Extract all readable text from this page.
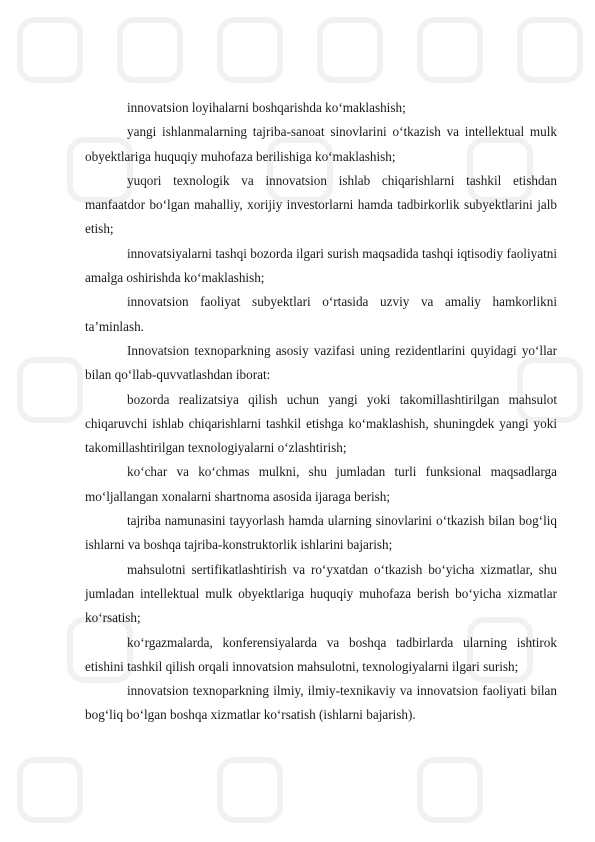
innovatsion loyihalarni boshqarishda ko‘maklashish;

yangi ishlanmalarning tajriba-sanoat sinovlarini o‘tkazish va intellektual mulk obyektlariga huquqiy muhofaza berilishiga ko‘maklashish;

yuqori texnologik va innovatsion ishlab chiqarishlarni tashkil etishdan manfaatdor bo‘lgan mahalliy, xorijiy investorlarni hamda tadbirkorlik subyektlarini jalb etish;

innovatsiyalarni tashqi bozorda ilgari surish maqsadida tashqi iqtisodiy faoliyatni amalga oshirishda ko‘maklashish;

innovatsion faoliyat subyektlari o‘rtasida uzviy va amaliy hamkorlikni ta’minlash.

Innovatsion texnoparkning asosiy vazifasi uning rezidentlarini quyidagi yo‘llar bilan qo‘llab-quvvatlashdan iborat:

bozorda realizatsiya qilish uchun yangi yoki takomillashtirilgan mahsulot chiqaruvchi ishlab chiqarishlarni tashkil etishga ko‘maklashish, shuningdek yangi yoki takomillashtirilgan texnologiyalarni o‘zlashtirish;

ko‘char va ko‘chmas mulkni, shu jumladan turli funksional maqsadlarga mo‘ljallangan xonalarni shartnoma asosida ijaraga berish;

tajriba namunasini tayyorlash hamda ularning sinovlarini o‘tkazish bilan bog‘liq ishlarni va boshqa tajriba-konstruktorlik ishlarini bajarish;

mahsulotni sertifikatlashtirish va ro‘yxatdan o‘tkazish bo‘yicha xizmatlar, shu jumladan intellektual mulk obyektlariga huquqiy muhofaza berish bo‘yicha xizmatlar ko‘rsatish;

ko‘rgazmalarda, konferensiyalarda va boshqa tadbirlarda ularning ishtirok etishini tashkil qilish orqali innovatsion mahsulotni, texnologiyalarni ilgari surish;

innovatsion texnoparkning ilmiy, ilmiy-texnikaviy va innovatsion faoliyati bilan bog‘liq bo‘lgan boshqa xizmatlar ko‘rsatish (ishlarni bajarish).
